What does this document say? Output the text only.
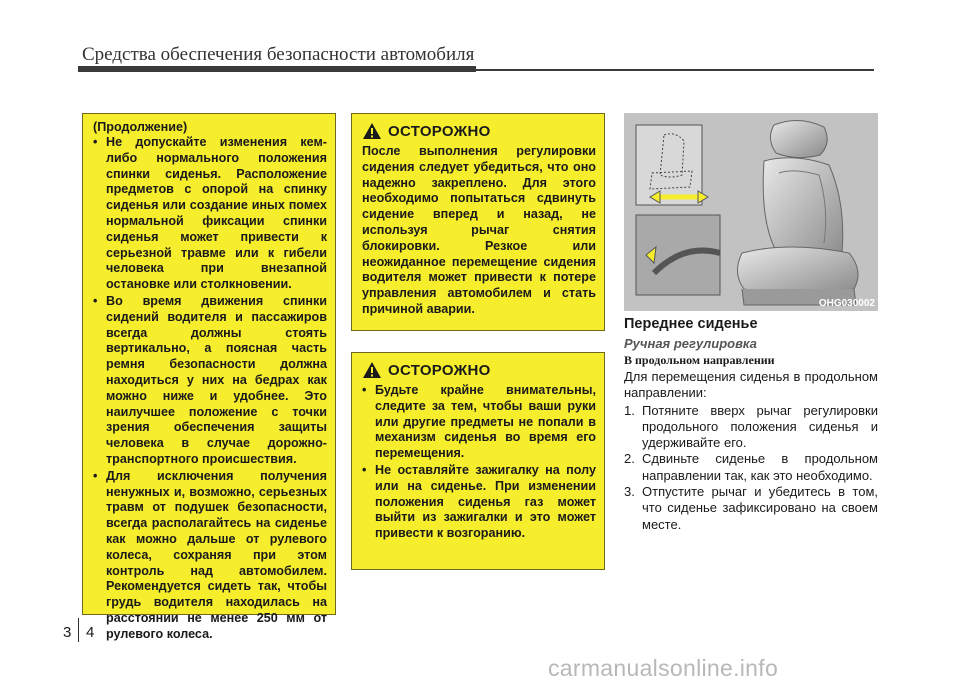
Средства обеспечения безопасности автомобиля
(Продолжение)
• Не допускайте изменения кем-либо нормального положения спинки сиденья. Расположение предметов с опорой на спинку сиденья или создание иных помех нормальной фиксации спинки сиденья может привести к серьезной травме или к гибели человека при внезапной остановке или столкновении.
• Во время движения спинки сидений водителя и пассажиров всегда должны стоять вертикально, а поясная часть ремня безопасности должна находиться у них на бедрах как можно ниже и удобнее. Это наилучшее положение с точки зрения обеспечения защиты человека в случае дорожно-транспортного происшествия.
• Для исключения получения ненужных и, возможно, серьезных травм от подушек безопасности, всегда располагайтесь на сиденье как можно дальше от рулевого колеса, сохраняя при этом контроль над автомобилем. Рекомендуется сидеть так, чтобы грудь водителя находилась на расстоянии не менее 250 мм от рулевого колеса.
ОСТОРОЖНО

После выполнения регулировки сидения следует убедиться, что оно надежно закреплено. Для этого необходимо попытаться сдвинуть сидение вперед и назад, не используя рычаг снятия блокировки. Резкое или неожиданное перемещение сидения водителя может привести к потере управления автомобилем и стать причиной аварии.

ОСТОРОЖНО
• Будьте крайне внимательны, следите за тем, чтобы ваши руки или другие предметы не попали в механизм сиденья во время его перемещения.
• Не оставляйте зажигалку на полу или на сиденье. При изменении положения сиденья газ может выйти из зажигалки и это может привести к возгоранию.
OHG030002
Переднее сиденье
Ручная регулировка
В продольном направлении
Для перемещения сиденья в продольном направлении:
1. Потяните вверх рычаг регулировки продольного положения сиденья и удерживайте его.
2. Сдвиньте сиденье в продольном направлении так, как это необходимо.
3. Отпустите рычаг и убедитесь в том, что сиденье зафиксировано на своем месте.
3 4
carmanualsonline.info
